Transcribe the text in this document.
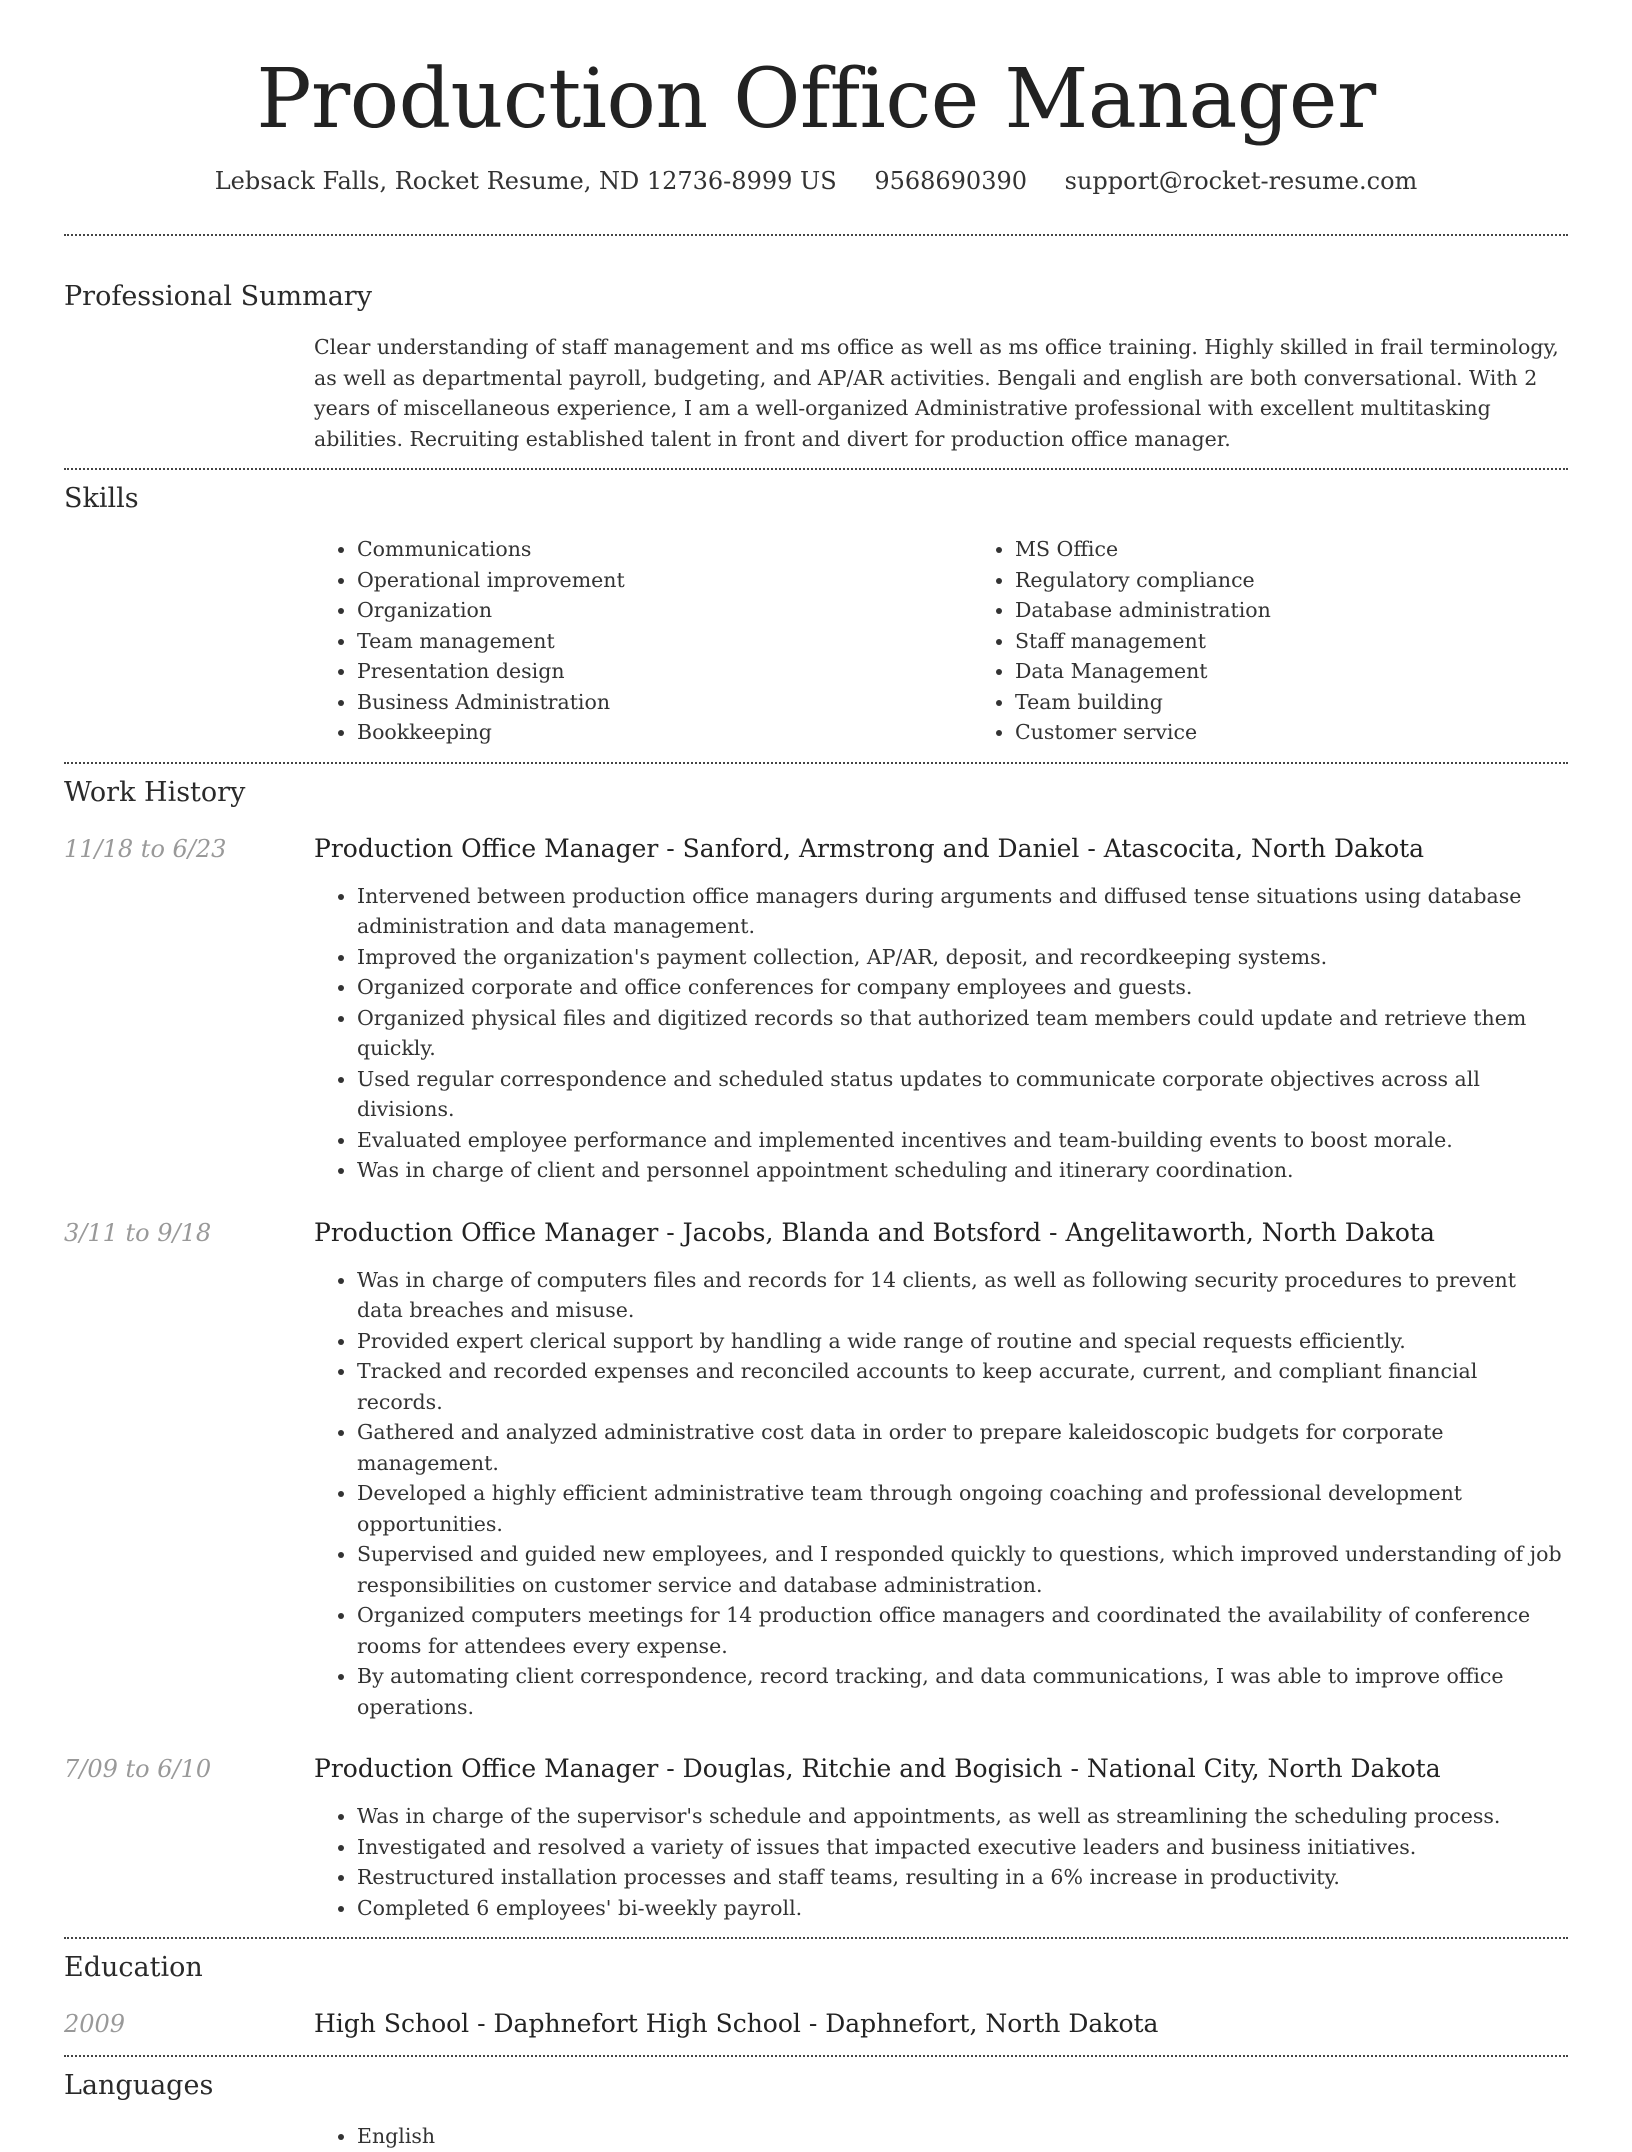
Production Office Manager
Lebsack Falls, Rocket Resume, ND 12736-8999 US 9568690390 support@rocket-resume.com
Professional Summary

Clear understanding of staff management and ms office as well as ms office training. Highly skilled in frail terminology, as well as departmental payroll, budgeting, and AP/AR activities. Bengali and english are both conversational. With 2 years of miscellaneous experience, I am a well-organized Administrative professional with excellent multitasking abilities. Recruiting established talent in front and divert for production office manager.

Skills
• Communications
• Operational improvement
• Organization
• Team management
• Presentation design
• Business Administration
• Bookkeeping
• MS Office
• Regulatory compliance
• Database administration
• Staff management
• Data Management
• Team building
• Customer service
Work History
11/18 to 6/23	Production Office Manager - Sanford, Armstrong and Daniel - Atascocita, North Dakota

• Intervened between production office managers during arguments and diffused tense situations using database administration and data management.
• Improved the organization's payment collection, AP/AR, deposit, and recordkeeping systems.
• Organized corporate and office conferences for company employees and guests.
• Organized physical files and digitized records so that authorized team members could update and retrieve them quickly.
• Used regular correspondence and scheduled status updates to communicate corporate objectives across all divisions.
• Evaluated employee performance and implemented incentives and team-building events to boost morale.
• Was in charge of client and personnel appointment scheduling and itinerary coordination.
3/11 to 9/18	Production Office Manager - Jacobs, Blanda and Botsford - Angelitaworth, North Dakota

• Was in charge of computers files and records for 14 clients, as well as following security procedures to prevent data breaches and misuse.
• Provided expert clerical support by handling a wide range of routine and special requests efficiently.
• Tracked and recorded expenses and reconciled accounts to keep accurate, current, and compliant financial records.
• Gathered and analyzed administrative cost data in order to prepare kaleidoscopic budgets for corporate management.
• Developed a highly efficient administrative team through ongoing coaching and professional development opportunities.
• Supervised and guided new employees, and I responded quickly to questions, which improved understanding of job responsibilities on customer service and database administration.
• Organized computers meetings for 14 production office managers and coordinated the availability of conference rooms for attendees every expense.
• By automating client correspondence, record tracking, and data communications, I was able to improve office operations.
7/09 to 6/10	Production Office Manager - Douglas, Ritchie and Bogisich - National City, North Dakota

• Was in charge of the supervisor's schedule and appointments, as well as streamlining the scheduling process.
• Investigated and resolved a variety of issues that impacted executive leaders and business initiatives.
• Restructured installation processes and staff teams, resulting in a 6% increase in productivity.
• Completed 6 employees' bi-weekly payroll.
Education
2009	High School - Daphnefort High School - Daphnefort, North Dakota

Languages
• English
